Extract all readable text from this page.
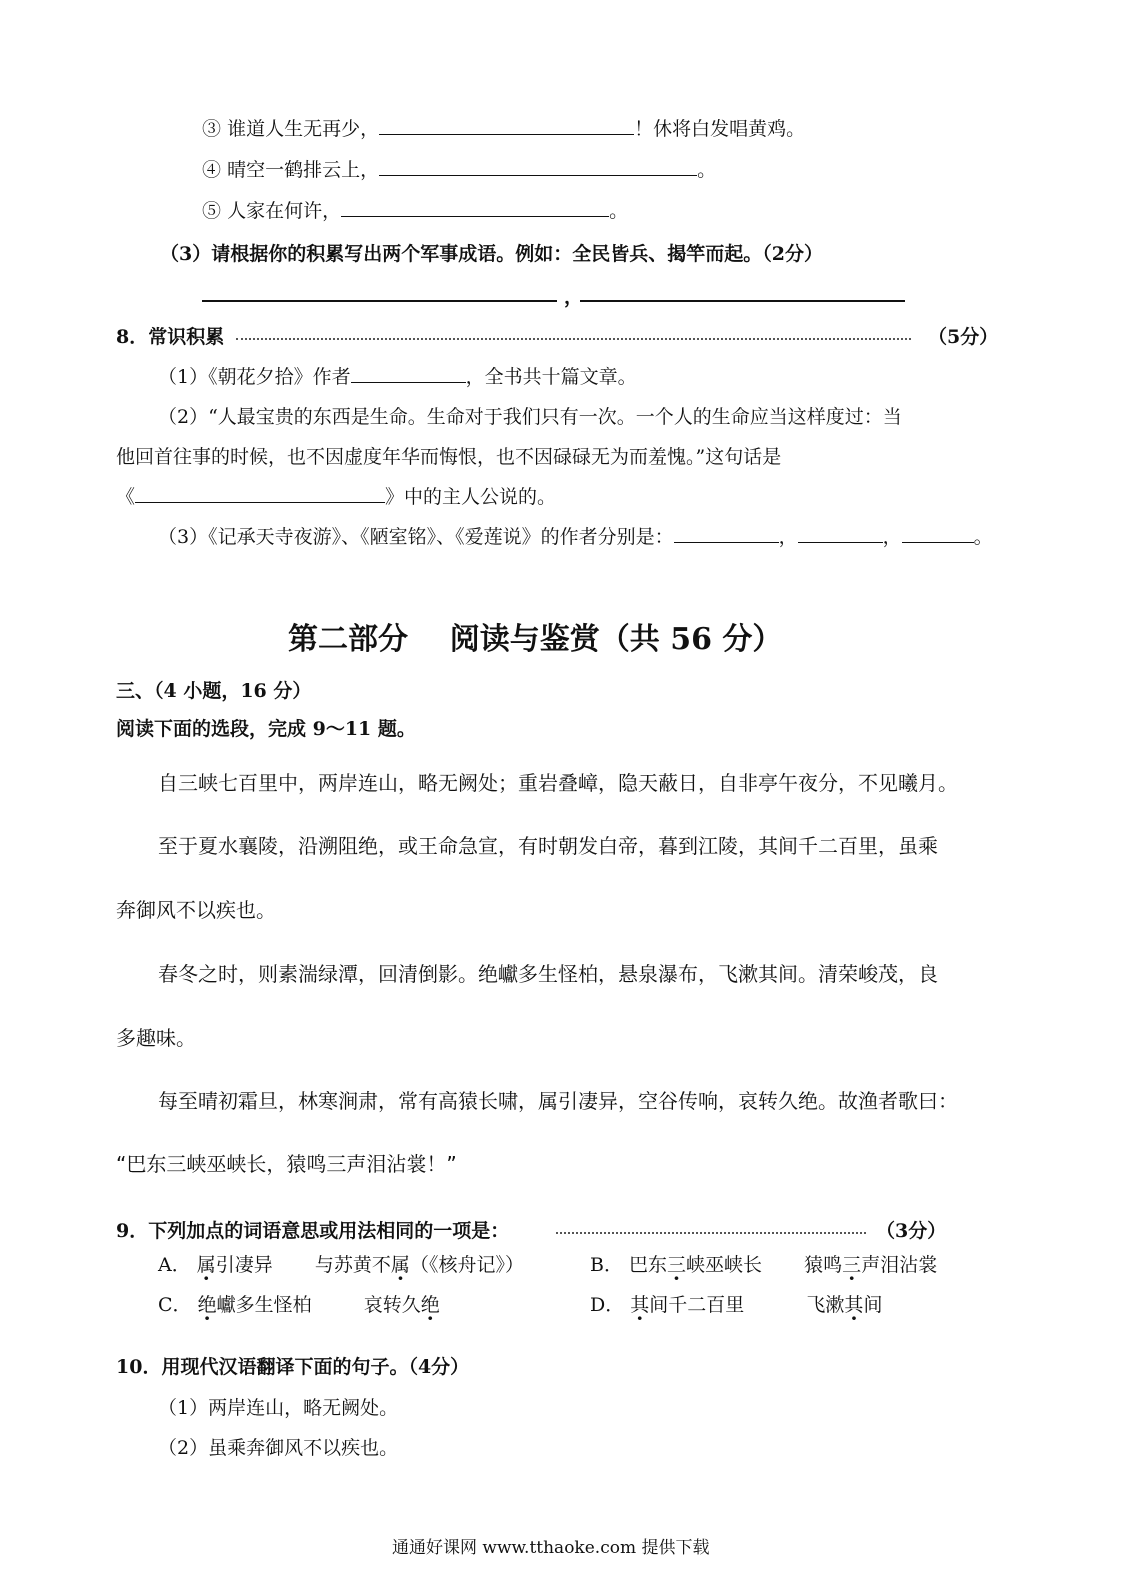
③ 谁道人生无再少，	！休将白发唱黄鸡。
④ 晴空一鹤排云上，	。
⑤ 人家在何许，	。
（3）请根据你的积累写出两个军事成语。例如：全民皆兵、揭竿而起。（2分）
，
8．常识积累	（5分）
（1）《朝花夕拾》作者	，全书共十篇文章。
（2）“人最宝贵的东西是生命。生命对于我们只有一次。一个人的生命应当这样度过：当
他回首往事的时候，也不因虚度年华而悔恨，也不因碌碌无为而羞愧。”这句话是
《	》中的主人公说的。
（3）《记承天寺夜游》、《陋室铭》、《爱莲说》的作者分别是：	，	，	。
第二部分    阅读与鉴赏（共 56 分）
三、（4 小题，16 分）
阅读下面的选段，完成 9～11 题。
自三峡七百里中，两岸连山，略无阙处；重岩叠嶂，隐天蔽日，自非亭午夜分，不见曦月。
至于夏水襄陵，沿溯阻绝，或王命急宣，有时朝发白帝，暮到江陵，其间千二百里，虽乘
奔御风不以疾也。
春冬之时，则素湍绿潭，回清倒影。绝巘多生怪柏，悬泉瀑布，飞漱其间。清荣峻茂，良
多趣味。
每至晴初霜旦，林寒涧肃，常有高猿长啸，属引凄异，空谷传响，哀转久绝。故渔者歌曰：
“巴东三峡巫峡长，猿鸣三声泪沾裳！”
9．下列加点的词语意思或用法相同的一项是：	（3分）
A． 属引凄异 与苏黄不属（《核舟记》）	B． 巴东三峡巫峡长 猿鸣三声泪沾裳
C． 绝巘多生怪柏	哀转久绝	D． 其间千二百里	飞漱其间
10．用现代汉语翻译下面的句子。（4分）
（1）两岸连山，略无阙处。
（2）虽乘奔御风不以疾也。
通通好课网 www.tthaoke.com 提供下载
